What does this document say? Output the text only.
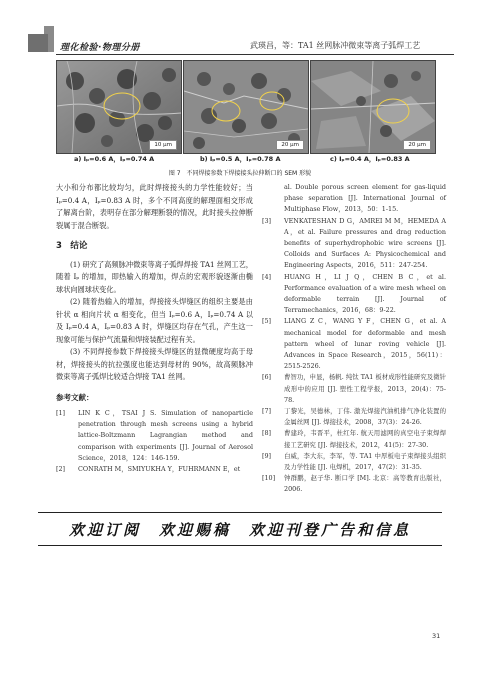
理化检验·物理分册	武瑛昌，等：TA1 丝网脉冲微束等离子弧焊工艺
10 μm	20 μm	20 μm
a) Iₚ=0.6 A，Iₚ=0.74 A	b) Iₚ=0.5 A，Iₚ=0.78 A	c) Iₚ=0.4 A，Iₚ=0.83 A
图 7　不同焊接参数下焊接接头拉伸断口的 SEM 形貌

大小和分布都比较均匀，此时焊接接头的力学性能较好；当 Iₚ=0.4 A，Iₚ=0.83 A 时，多个不同高度的解理面相交形成了解离台阶，表明存在部分解理断裂的情况，此时接头拉伸断裂属于混合断裂。

3　结论

(1) 研究了高频脉冲微束等离子弧焊焊接 TA1 丝网工艺，随着 Iₚ 的增加，即热输入的增加，焊点的宏观形貌逐渐由椭球状向圆球状变化。

(2) 随着热输入的增加，焊接接头焊缝区的组织主要是由针状 α 相向片状 α 相变化，但当 Iₚ=0.6 A，Iₚ=0.74 A 以及 Iₚ=0.4 A，Iₚ=0.83 A 时，焊缝区均存在气孔，产生这一现象可能与保护气流量和焊接装配过程有关。

(3) 不同焊接参数下焊接接头焊缝区的显微硬度均高于母材，焊接接头的抗拉强度也能达到母材的 90%，故高频脉冲微束等离子弧焊比较适合焊接 TA1 丝网。

参考文献：
[1] LIN K C，TSAI J S. Simulation of nanoparticle penetration through mesh screens using a hybrid lattice-Boltzmann Lagrangian method and comparison with experiments [J]. Journal of Aerosol Science，2018，124：146-159.
[2] CONRATH M，SMIYUKHA Y，FUHRMANN E，et
al. Double porous screen element for gas-liquid phase separation [J]. International Journal of Multiphase Flow，2013，50：1-15.
[3] VENKATESHAN D G，AMREI M M，HEMEDA A A，et al. Failure pressures and drag reduction benefits of superhydrophobic wire screens [J]. Colloids and Surfaces A: Physicochemical and Engineering Aspects，2016，511：247-254.
[4] HUANG H，LI J Q，CHEN B C，et al. Performance evaluation of a wire mesh wheel on deformable terrain [J]. Journal of Terramechanics，2016，68：9-22.
[5] LIANG Z C，WANG Y F，CHEN G，et al. A mechanical model for deformable and mesh pattern wheel of lunar roving vehicle [J]. Advances in Space Research，2015，56(11)：2515-2526.
[6] 曹智功，申显，杨帆. 纯钛 TA1 板材成形性能研究及微针成形中的应用 [J]. 塑性工程学报，2013，20(4)：75-78.
[7] 丁黎光，吴德林，丁伟. 激光焊接汽油机排气净化装置的金属丝网 [J]. 焊接技术，2008，37(3)：24-26.
[8] 曹建玲，韦晋平，杜红年. 航天用滤网的真空电子束焊焊接工艺研究 [J]. 焊接技术，2012，41(5)：27-30.
[9] 白威，李大东，李军，等. TA1 中厚板电子束焊接头组织及力学性能 [J]. 电焊机，2017，47(2)：31-35.
[10] 钟群鹏，赵子华. 断口学 [M]. 北京：高等教育出版社，2006.
欢迎订阅　欢迎赐稿　欢迎刊登广告和信息
31
